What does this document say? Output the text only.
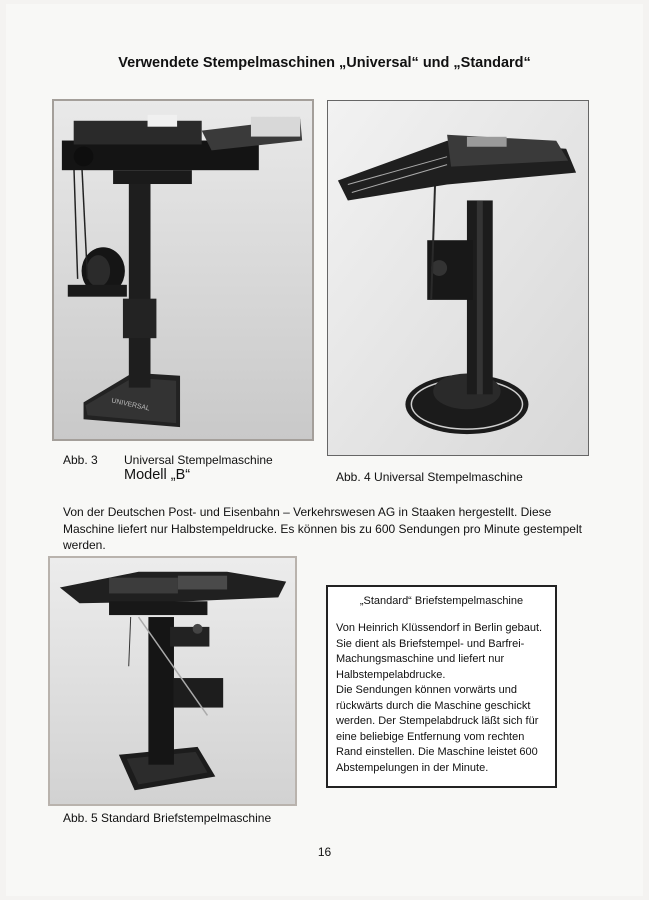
Verwendete Stempelmaschinen „Universal“ und „Standard“
UNIVERSAL
Abb. 3 Universal Stempelmaschine
Modell „B“	Abb. 4 Universal Stempelmaschine
Von der Deutschen Post- und Eisenbahn – Verkehrswesen AG in Staaken hergestellt. Diese Maschine liefert nur Halbstempeldrucke. Es können bis zu 600 Sendungen pro Minute gestempelt werden.
„Standard“ Briefstempelmaschine
Von Heinrich Klüssendorf in Berlin gebaut.
Sie dient als Briefstempel- und Barfrei-
Machungsmaschine und liefert nur
Halbstempelabdrucke.
Die Sendungen können vorwärts und
rückwärts durch die Maschine geschickt
werden. Der Stempelabdruck läßt sich für
eine beliebige Entfernung vom rechten
Rand einstellen. Die Maschine leistet 600
Abstempelungen in der Minute.
Abb. 5 Standard Briefstempelmaschine
16
